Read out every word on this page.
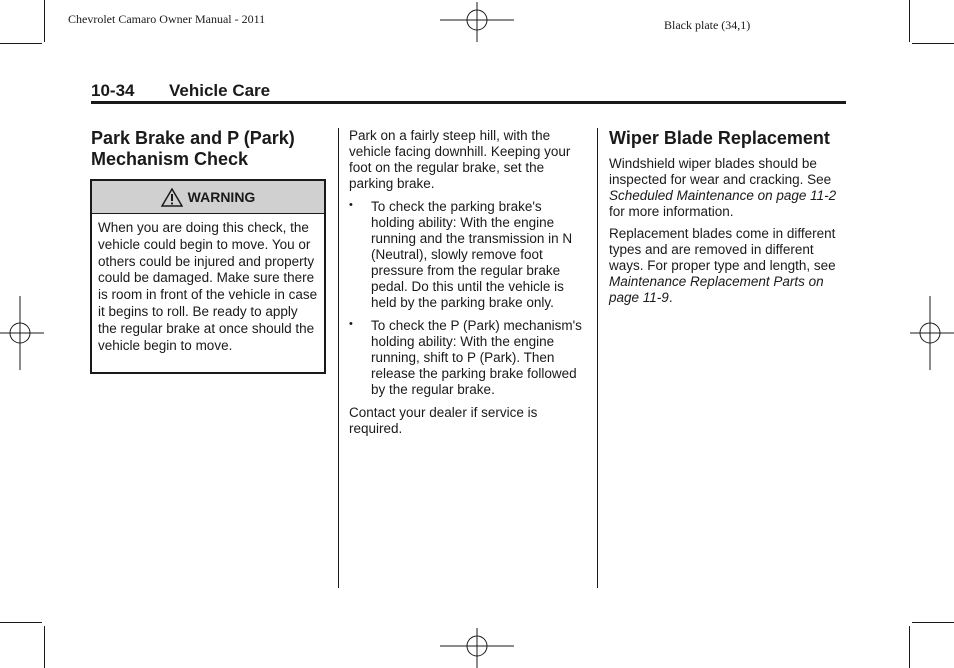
Chevrolet Camaro Owner Manual - 2011	Black plate (34,1)
10-34 Vehicle Care
Park Brake and P (Park)
Mechanism Check
WARNING
When you are doing this check, the vehicle could begin to move. You or others could be injured and property could be damaged. Make sure there is room in front of the vehicle in case it begins to roll. Be ready to apply the regular brake at once should the vehicle begin to move.

Park on a fairly steep hill, with the vehicle facing downhill. Keeping your foot on the regular brake, set the parking brake.

• To check the parking brake's holding ability: With the engine running and the transmission in N (Neutral), slowly remove foot pressure from the regular brake pedal. Do this until the vehicle is held by the parking brake only.
• To check the P (Park) mechanism's holding ability: With the engine running, shift to P (Park). Then release the parking brake followed by the regular brake.

Contact your dealer if service is required.

Wiper Blade Replacement

Windshield wiper blades should be inspected for wear and cracking. See Scheduled Maintenance on page 11-2 for more information.

Replacement blades come in different types and are removed in different ways. For proper type and length, see Maintenance Replacement Parts on page 11-9.
